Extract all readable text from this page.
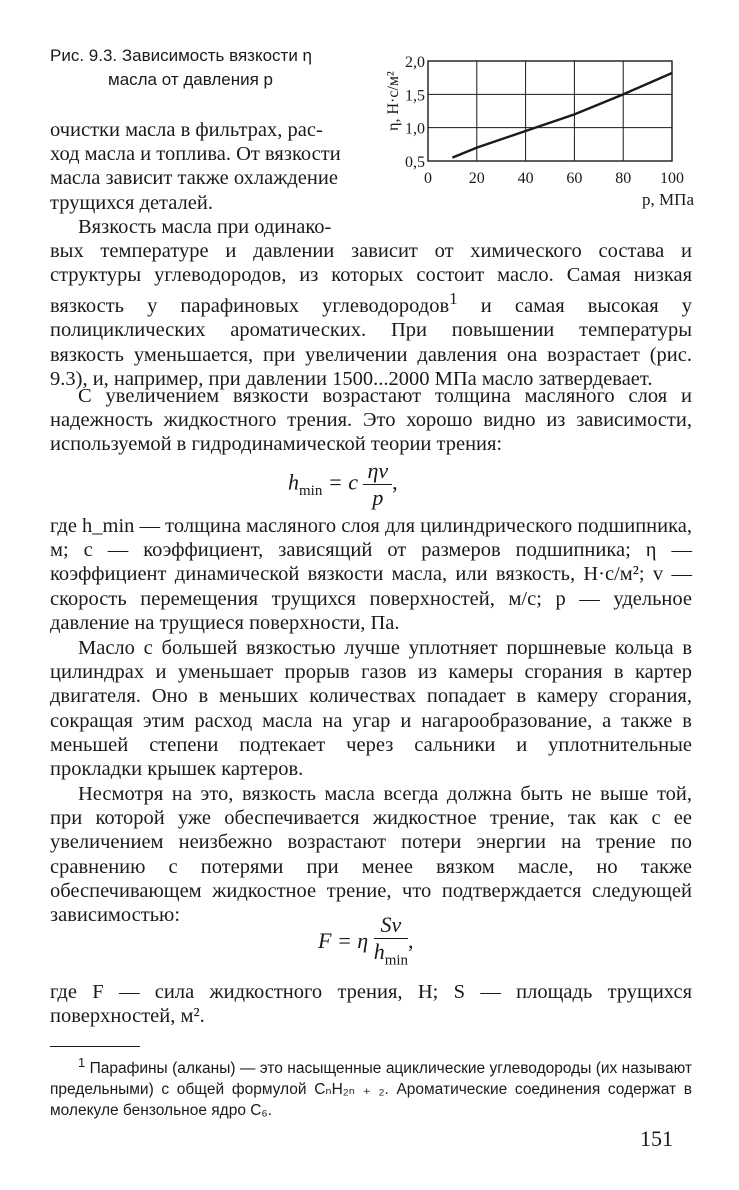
Рис. 9.3. Зависимость вязкости η
масла от давления р
0 20 40 60 80 100
0,5
1,0
1,5
2,0
η, Н·с/м²
p, МПа
очистки масла в фильтрах, рас-
ход масла и топлива. От вязкости
масла зависит также охлаждение
трущихся деталей.
Вязкость масла при одинако-
вых температуре и давлении зависит от химического состава и структуры углеводородов, из которых состоит масло. Самая низкая вязкость у парафиновых углеводородов$^1$ и самая высокая у полициклических ароматических. При повышении температуры вязкость уменьшается, при увеличении давления она возрастает (рис. 9.3), и, например, при давлении 1500...2000 МПа масло затвердевает.
С увеличением вязкости возрастают толщина масляного слоя и надежность жидкостного трения. Это хорошо видно из зависимости, используемой в гидродинамической теории трения:
$h_{min} = c \frac{\eta v}{p}$ ,
где h_min — толщина масляного слоя для цилиндрического подшипника, м; c — коэффициент, зависящий от размеров подшипника; η — коэффициент динамической вязкости масла, или вязкость, Н·с/м²; v — скорость перемещения трущихся поверхностей, м/с; p — удельное давление на трущиеся поверхности, Па.
Масло с большей вязкостью лучше уплотняет поршневые кольца в цилиндрах и уменьшает прорыв газов из камеры сгорания в картер двигателя. Оно в меньших количествах попадает в камеру сгорания, сокращая этим расход масла на угар и нагарообразование, а также в меньшей степени подтекает через сальники и уплотнительные прокладки крышек картеров.
Несмотря на это, вязкость масла всегда должна быть не выше той, при которой уже обеспечивается жидкостное трение, так как с ее увеличением неизбежно возрастают потери энергии на трение по сравнению с потерями при менее вязком масле, но также обеспечивающем жидкостное трение, что подтверждается следующей зависимостью:
F = η $\frac{Sv}{h_{min}}$ ,
где F — сила жидкостного трения, Н; S — площадь трущихся поверхностей, м².
$^1$ Парафины (алканы) — это насыщенные ациклические углеводороды (их называют предельными) с общей формулой CₙH₂ₙ ₊ ₂. Ароматические соединения содержат в молекуле бензольное ядро C₆.
151
